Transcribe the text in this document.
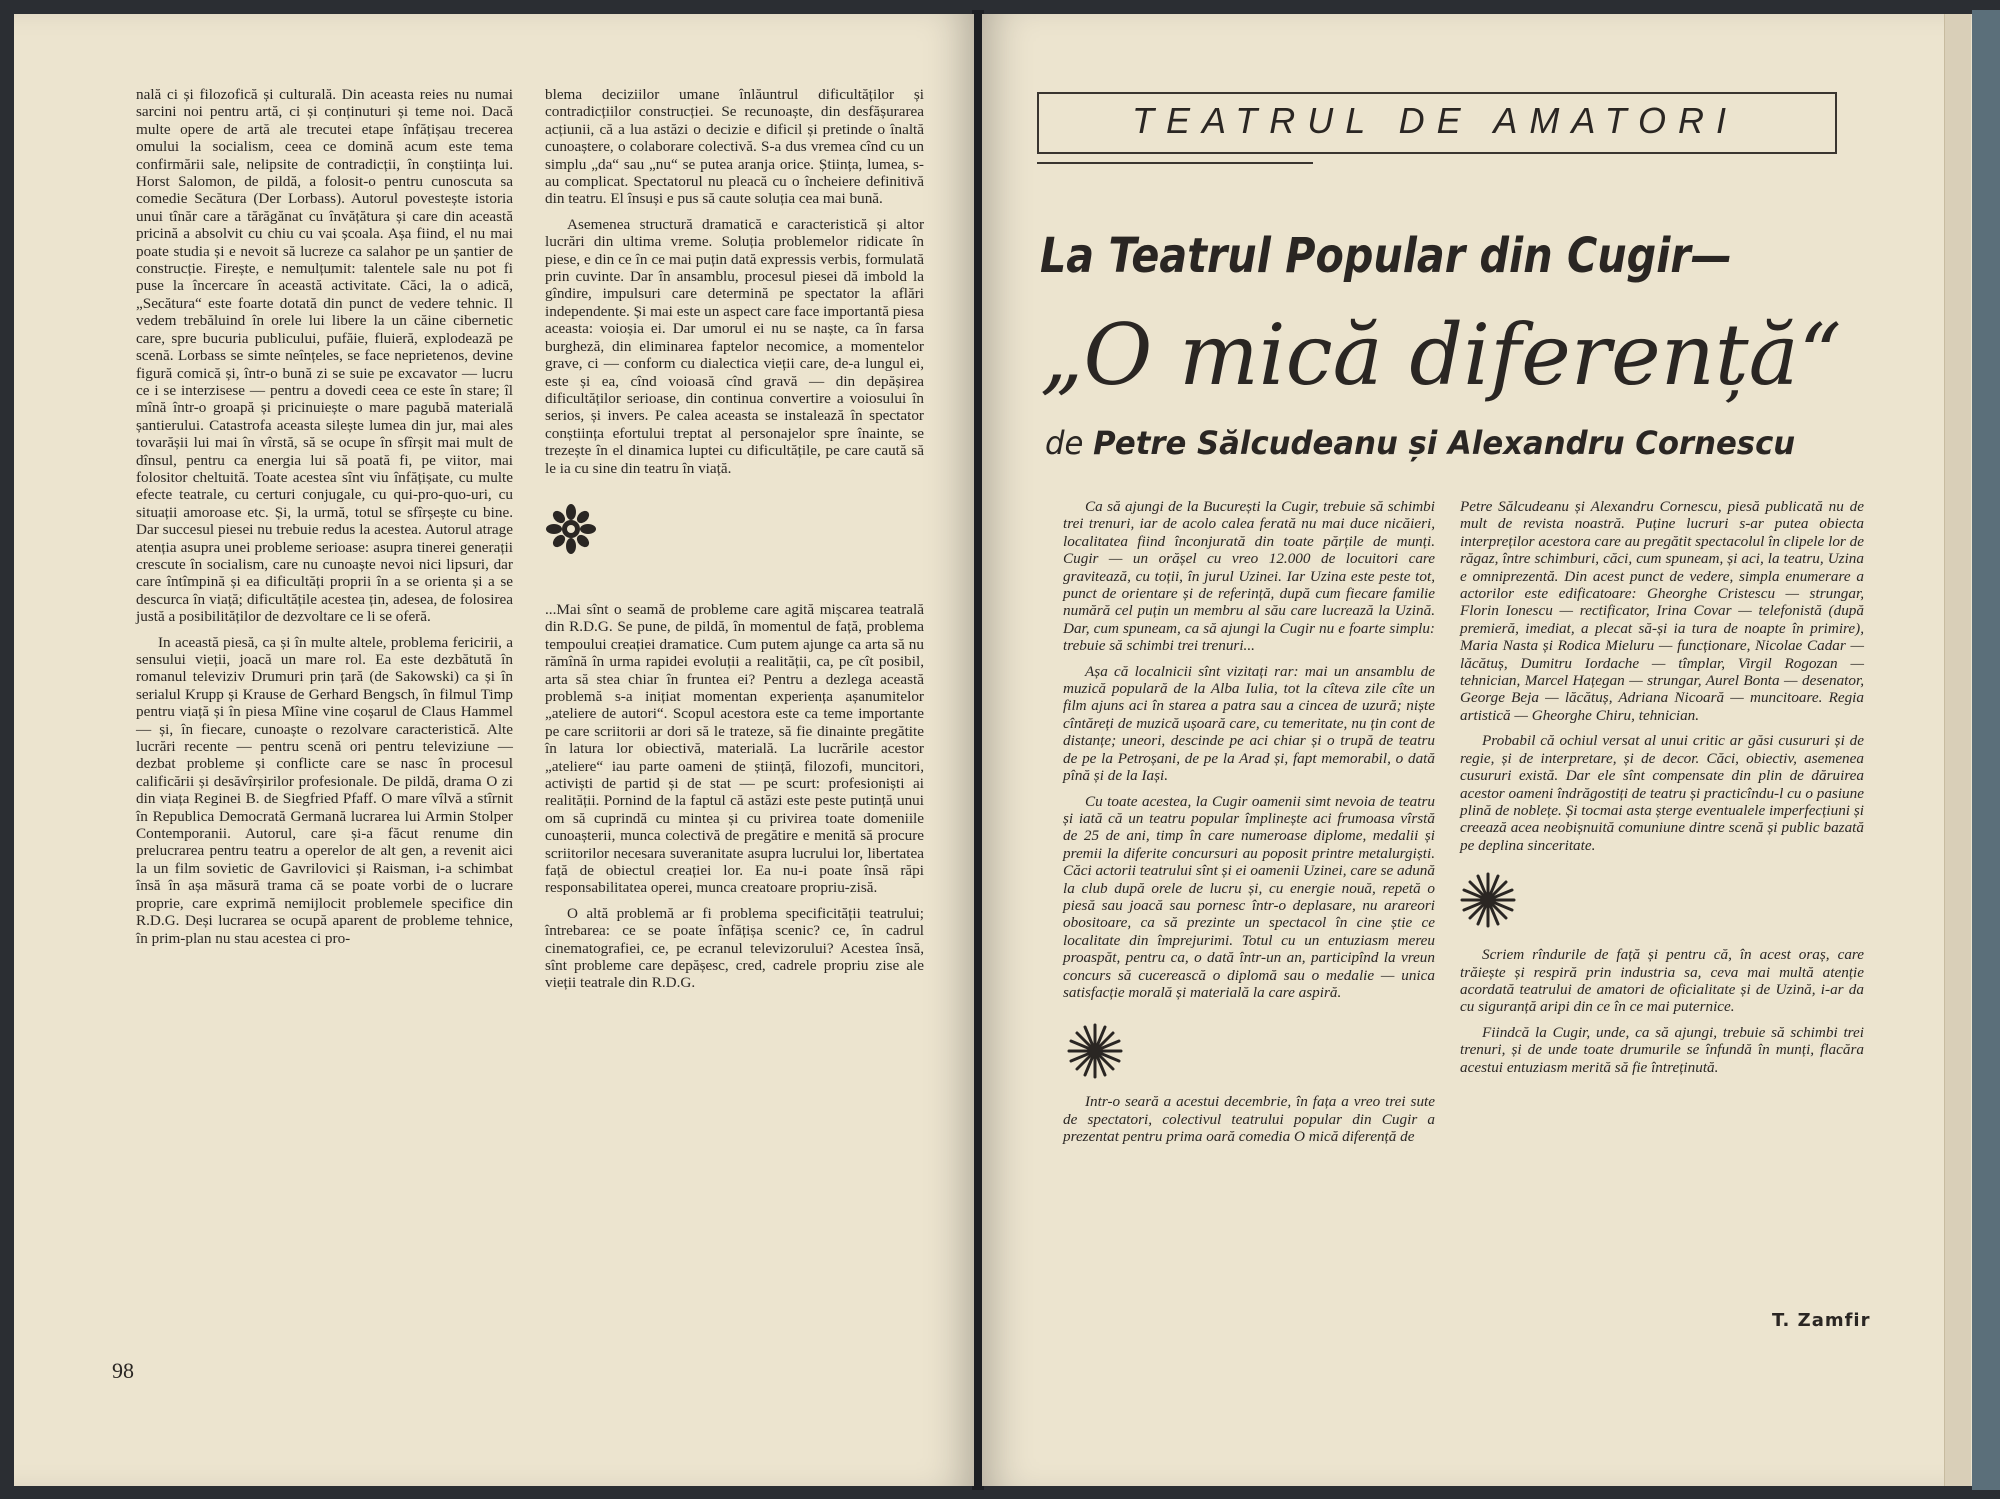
nală ci și filozofică și culturală. Din aceasta reies nu numai sarcini noi pentru artă, ci și conținuturi și teme noi. Dacă multe opere de artă ale trecutei etape înfățișau trecerea omului la socialism, ceea ce domină acum este tema confirmării sale, nelipsite de contradicții, în conștiința lui. Horst Salomon, de pildă, a folosit-o pentru cunoscuta sa comedie Secătura (Der Lorbass). Autorul povestește istoria unui tînăr care a tărăgănat cu învățătura și care din această pricină a absolvit cu chiu cu vai școala. Așa fiind, el nu mai poate studia și e nevoit să lucreze ca salahor pe un șantier de construcție. Firește, e nemulțumit: talentele sale nu pot fi puse la încercare în această activitate. Căci, la o adică, „Secătura“ este foarte dotată din punct de vedere tehnic. Il vedem trebăluind în orele lui libere la un căine cibernetic care, spre bucuria publicului, pufăie, fluieră, explodează pe scenă. Lorbass se simte neînțeles, se face neprietenos, devine figură comică și, într-o bună zi se suie pe excavator — lucru ce i se interzisese — pentru a dovedi ceea ce este în stare; îl mînă într-o groapă și pricinuiește o mare pagubă materială șantierului. Catastrofa aceasta silește lumea din jur, mai ales tovarășii lui mai în vîrstă, să se ocupe în sfîrșit mai mult de dînsul, pentru ca energia lui să poată fi, pe viitor, mai folositor cheltuită. Toate acestea sînt viu înfățișate, cu multe efecte teatrale, cu certuri conjugale, cu qui-pro-quo-uri, cu situații amoroase etc. Și, la urmă, totul se sfîrșește cu bine. Dar succesul piesei nu trebuie redus la acestea. Autorul atrage atenția asupra unei probleme serioase: asupra tinerei generații crescute în socialism, care nu cunoaște nevoi nici lipsuri, dar care întîmpină și ea dificultăți proprii în a se orienta și a se descurca în viață; dificultățile acestea țin, adesea, de folosirea justă a posibilităților de dezvoltare ce li se oferă.

In această piesă, ca și în multe altele, problema fericirii, a sensului vieții, joacă un mare rol. Ea este dezbătută în romanul televiziv Drumuri prin țară (de Sakowski) ca și în serialul Krupp și Krause de Gerhard Bengsch, în filmul Timp pentru viață și în piesa Mîine vine coșarul de Claus Hammel — și, în fiecare, cunoaște o rezolvare caracteristică. Alte lucrări recente — pentru scenă ori pentru televiziune — dezbat probleme și conflicte care se nasc în procesul calificării și desăvîrșirilor profesionale. De pildă, drama O zi din viața Reginei B. de Siegfried Pfaff. O mare vîlvă a stîrnit în Republica Democrată Germană lucrarea lui Armin Stolper Contemporanii. Autorul, care și-a făcut renume din prelucrarea pentru teatru a operelor de alt gen, a revenit aici la un film sovietic de Gavrilovici și Raisman, i-a schimbat însă în așa măsură trama că se poate vorbi de o lucrare proprie, care exprimă nemijlocit problemele specifice din R.D.G. Deși lucrarea se ocupă aparent de probleme tehnice, în prim-plan nu stau acestea ci pro-

blema deciziilor umane înlăuntrul dificultăților și contradicțiilor construcției. Se recunoaște, din desfășurarea acțiunii, că a lua astăzi o decizie e dificil și pretinde o înaltă cunoaștere, o colaborare colectivă. S-a dus vremea cînd cu un simplu „da“ sau „nu“ se putea aranja orice. Știința, lumea, s-au complicat. Spectatorul nu pleacă cu o încheiere definitivă din teatru. El însuși e pus să caute soluția cea mai bună.

Asemenea structură dramatică e caracteristică și altor lucrări din ultima vreme. Soluția problemelor ridicate în piese, e din ce în ce mai puțin dată expressis verbis, formulată prin cuvinte. Dar în ansamblu, procesul piesei dă imbold la gîndire, impulsuri care determină pe spectator la aflări independente. Și mai este un aspect care face importantă piesa aceasta: voioșia ei. Dar umorul ei nu se naște, ca în farsa burgheză, din eliminarea faptelor necomice, a momentelor grave, ci — conform cu dialectica vieții care, de-a lungul ei, este și ea, cînd voioasă cînd gravă — din depășirea dificultăților serioase, din continua convertire a voiosului în serios, și invers. Pe calea aceasta se instalează în spectator conștiința efortului treptat al personajelor spre înainte, se trezește în el dinamica luptei cu dificultățile, pe care caută să le ia cu sine din teatru în viață.

...Mai sînt o seamă de probleme care agită mișcarea teatrală din R.D.G. Se pune, de pildă, în momentul de față, problema tempoului creației dramatice. Cum putem ajunge ca arta să nu rămînă în urma rapidei evoluții a realității, ca, pe cît posibil, arta să stea chiar în fruntea ei? Pentru a dezlega această problemă s-a inițiat momentan experiența așanumitelor „ateliere de autori“. Scopul acestora este ca teme importante pe care scriitorii ar dori să le trateze, să fie dinainte pregătite în latura lor obiectivă, materială. La lucrările acestor „ateliere“ iau parte oameni de știință, filozofi, muncitori, activiști de partid și de stat — pe scurt: profesioniști ai realității. Pornind de la faptul că astăzi este peste putință unui om să cuprindă cu mintea și cu privirea toate domeniile cunoașterii, munca colectivă de pregătire e menită să procure scriitorilor necesara suveranitate asupra lucrului lor, libertatea față de obiectul creației lor. Ea nu-i poate însă răpi responsabilitatea operei, munca creatoare propriu-zisă.

O altă problemă ar fi problema specificității teatrului; întrebarea: ce se poate înfățișa scenic? ce, în cadrul cinematografiei, ce, pe ecranul televizorului? Acestea însă, sînt probleme care depășesc, cred, cadrele propriu zise ale vieții teatrale din R.D.G.

98
TEATRUL DE AMATORI
La Teatrul Popular din Cugir—
„O mică diferență“
de Petre Sălcudeanu și Alexandru Cornescu

Ca să ajungi de la București la Cugir, trebuie să schimbi trei trenuri, iar de acolo calea ferată nu mai duce nicăieri, localitatea fiind înconjurată din toate părțile de munți. Cugir — un orășel cu vreo 12.000 de locuitori care gravitează, cu toții, în jurul Uzinei. Iar Uzina este peste tot, punct de orientare și de referință, după cum fiecare familie numără cel puțin un membru al său care lucrează la Uzină. Dar, cum spuneam, ca să ajungi la Cugir nu e foarte simplu: trebuie să schimbi trei trenuri...

Așa că localnicii sînt vizitați rar: mai un ansamblu de muzică populară de la Alba Iulia, tot la cîteva zile cîte un film ajuns aci în starea a patra sau a cincea de uzură; niște cîntăreți de muzică ușoară care, cu temeritate, nu țin cont de distanțe; uneori, descinde pe aci chiar și o trupă de teatru de pe la Petroșani, de pe la Arad și, fapt memorabil, o dată pînă și de la Iași.

Cu toate acestea, la Cugir oamenii simt nevoia de teatru și iată că un teatru popular împlinește aci frumoasa vîrstă de 25 de ani, timp în care numeroase diplome, medalii și premii la diferite concursuri au poposit printre metalurgiști. Căci actorii teatrului sînt și ei oamenii Uzinei, care se adună la club după orele de lucru și, cu energie nouă, repetă o piesă sau joacă sau pornesc într-o deplasare, nu arareori obositoare, ca să prezinte un spectacol în cine știe ce localitate din împrejurimi. Totul cu un entuziasm mereu proaspăt, pentru ca, o dată într-un an, participînd la vreun concurs să cucerească o diplomă sau o medalie — unica satisfacție morală și materială la care aspiră.

Intr-o seară a acestui decembrie, în fața a vreo trei sute de spectatori, colectivul teatrului popular din Cugir a prezentat pentru prima oară comedia O mică diferență de

Petre Sălcudeanu și Alexandru Cornescu, piesă publicată nu de mult de revista noastră. Puține lucruri s-ar putea obiecta interpreților acestora care au pregătit spectacolul în clipele lor de răgaz, între schimburi, căci, cum spuneam, și aci, la teatru, Uzina e omniprezentă. Din acest punct de vedere, simpla enumerare a actorilor este edificatoare: Gheorghe Cristescu — strungar, Florin Ionescu — rectificator, Irina Covar — telefonistă (după premieră, imediat, a plecat să-și ia tura de noapte în primire), Maria Nasta și Rodica Mieluru — funcționare, Nicolae Cadar — lăcătuș, Dumitru Iordache — tîmplar, Virgil Rogozan — tehnician, Marcel Hațegan — strungar, Aurel Bonta — desenator, George Beja — lăcătuș, Adriana Nicoară — muncitoare. Regia artistică — Gheorghe Chiru, tehnician.

Probabil că ochiul versat al unui critic ar găsi cusururi și de regie, și de interpretare, și de decor. Căci, obiectiv, asemenea cusururi există. Dar ele sînt compensate din plin de dăruirea acestor oameni îndrăgostiți de teatru și practicîndu-l cu o pasiune plină de noblețe. Și tocmai asta șterge eventualele imperfecțiuni și creează acea neobișnuită comuniune dintre scenă și public bazată pe deplina sinceritate.

Scriem rîndurile de față și pentru că, în acest oraș, care trăiește și respiră prin industria sa, ceva mai multă atenție acordată teatrului de amatori de oficialitate și de Uzină, i-ar da cu siguranță aripi din ce în ce mai puternice.

Fiindcă la Cugir, unde, ca să ajungi, trebuie să schimbi trei trenuri, și de unde toate drumurile se înfundă în munți, flacăra acestui entuziasm merită să fie întreținută.

T. Zamfir
